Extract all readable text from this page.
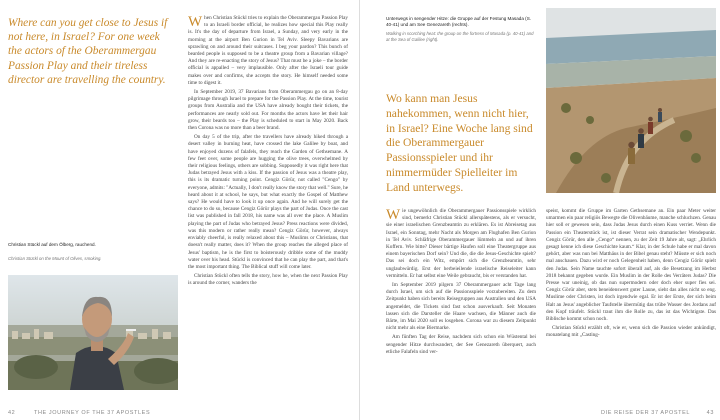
Where can you get close to Jesus if not here, in Israel? For one week the actors of the Oberammergau Passion Play and their tireless director are travelling the country.
Christian Stückl auf dem Ölberg, rauchend.
Christian Stückl on the Mount of Olives, smoking.

When Christian Stückl tries to explain the Oberammergau Passion Play to an Israeli border official, he realizes how special this Play really is. It's the day of departure from Israel, a Sunday, and very early in the morning at the airport Ben Gurion in Tel Aviv. Sleepy Bavarians are sprawling on and around their suitcases. I beg your pardon? This bunch of bearded people is supposed to be a theatre group from a Bavarian village? And they are re-enacting the story of Jesus? That must be a joke – the border official is appalled – very implausible. Only after the Israeli tour guide makes over and confirms, she accepts the story. He himself needed some time to digest it.

In September 2019, 37 Bavarians from Oberammergau go on an 8-day pilgrimage through Israel to prepare for the Passion Play. At the time, tourist groups from Australia and the USA have already bought their tickets, the performances are nearly sold out. For months the actors have let their hair grow, their beards too – the Play is scheduled to start in May 2020. Back then Corona was no more than a beer brand.

On day 5 of the trip, after the travellers have already hiked through a desert valley in burning heat, have crossed the lake Galilee by boat, and have enjoyed dozens of falafels, they reach the Garden of Gethsemane. A few feet over, some people are hugging the olive trees, overwhelmed by their religious feelings, others are sobbing. Supposedly it was right here that Judas betrayed Jesus with a kiss. If the passion of Jesus was a theatre play, this is its dramatic turning point. Cengiz Görür, not called "Cengo" by everyone, admits: "Actually, I don't really know the story that well." Sure, he heard about it at school, he says, but what exactly the Gospel of Matthew says? He would have to look it up once again. And he will surely get the chance to do so, because Cengiz Görür plays the part of Judas. Once the cast list was published in fall 2018, his name was all over the place. A Muslim playing the part of Judas who betrayed Jesus? Press reactions were divided, was this modern or rather really mean? Cengiz Görür, however, always enviably cheerful, is really relaxed about this – Muslims or Christians, that doesn't really matter, does it? When the group reaches the alleged place of Jesus' baptism, he is the first to boisterously dribble some of the muddy water over his head. Stückl is convinced that he can play the part, and that's the most important thing. The Biblical stuff will come later.

Christian Stückl often tells the story, how he, when the next Passion Play is around the corner, wanders the

42	THE JOURNEY OF THE 37 APOSTLES
Unterwegs in sengender Hitze: die Gruppe auf der Festung Masada (S. 40-41) und am See Genezareth (rechts).
Walking in scorching heat: the group on the fortress of Masada (p. 40-41) and at the Sea of Galilee (right).
Wo kann man Jesus nahekommen, wenn nicht hier, in Israel? Eine Woche lang sind die Oberammergauer Passionsspieler und ihr nimmermüder Spielleiter im Land unterwegs.

Wie ungewöhnlich die Oberammergauer Passionsspiele wirklich sind, bemerkt Christian Stückl allerspätestens, als er versucht, sie einer israelischen Grenzbeamtin zu erklären. Es ist Abreisetag aus Israel, ein Sonntag, mehr Nacht als Morgen am Flughafen Ben Gurion in Tel Aviv. Schläfrige Oberammergauer lümmeln an und auf ihren Koffern. Wie bitte? Dieser bärtige Haufen soll eine Theatergruppe aus einem bayerischen Dorf sein? Und die, die die Jesus-Geschichte spielt? Das sei doch ein Witz, empört sich die Grenzbeamtin, sehr unglaubwürdig. Erst der herbeieilende israelische Reiseleiter kann vermitteln. Er hat selbst eine Weile gebraucht, bis er verstanden hat.

Im September 2019 pilgern 37 Oberammergauer acht Tage lang durch Israel, um sich auf die Passionsspiele vorzubereiten. Zu dem Zeitpunkt haben sich bereits Reisegruppen aus Australien und den USA angemeldet, die Tickets sind fast schon ausverkauft. Seit Monaten lassen sich die Darsteller die Haare wachsen, die Männer auch die Bärte, im Mai 2020 soll es losgehen. Corona war zu diesem Zeitpunkt nicht mehr als eine Biermarke.

Am fünften Tag der Reise, nachdem sich schon ein Wüstental bei sengender Hitze durchwandert, der See Genezareth überquert, auch etliche Falafeln sind ver-

speist, kommt die Gruppe im Garten Gethsemane an. Ein paar Meter weiter umarmen ein paar religiös Bewegte die Olivenbäume, manche schluchzen. Genau hier soll er gewesen sein, dass Judas Jesus durch einen Kuss verriet. Wenn die Passion ein Theaterstück ist, ist dieser Verrat sein dramatischer Wendepunkt. Cengiz Görür, den alle „Cengo“ nennen, zu der Zeit 19 Jahre alt, sagt: „Ehrlich gesagt kenne ich diese Geschichte kaum.“ Klar, in der Schule habe er mal davon gehört, aber was nun bei Matthäus in der Bibel genau steht? Müsste er sich noch mal anschauen. Dazu wird er noch Gelegenheit haben, denn Cengiz Görür spielt den Judas. Sein Name tauchte sofort überall auf, als die Besetzung im Herbst 2018 bekannt gegeben wurde. Ein Muslim in der Rolle des Verräters Judas? Die Presse war uneinig, ob das nun supermodern oder doch eher super fies sei. Cengiz Görür aber, stets beneidenswert guter Laune, sieht das alles nicht so eng. Muslime oder Christen, ist doch irgendwie egal. Er ist der Erste, der sich beim Halt an Jesus' angeblicher Taufstelle übermütig das trübe Wasser des Jordans auf den Kopf träufelt. Stückl traut ihm die Rolle zu, das ist das Wichtigste. Das Biblische kommt schon noch.

Christian Stückl erzählt oft, wie er, wenn sich die Passion wieder ankündigt, monatelang mit „Casting-

DIE REISE DER 37 APOSTEL	43
